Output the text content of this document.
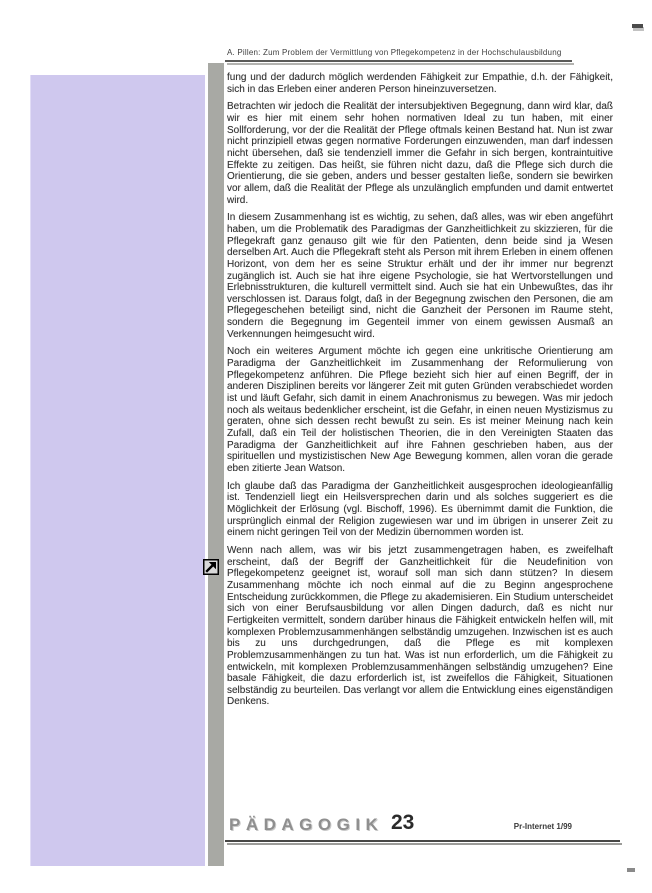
A. Pillen: Zum Problem der Vermittlung von Pflegekompetenz in der Hochschulausbildung

fung und der dadurch möglich werdenden Fähigkeit zur Empathie, d.h. der Fähigkeit, sich in das Erleben einer anderen Person hineinzuversetzen.

Betrachten wir jedoch die Realität der intersubjektiven Begegnung, dann wird klar, daß wir es hier mit einem sehr hohen normativen Ideal zu tun haben, mit einer Sollforderung, vor der die Realität der Pflege oftmals keinen Bestand hat. Nun ist zwar nicht prinzipiell etwas gegen normative Forderungen einzuwenden, man darf indessen nicht übersehen, daß sie tendenziell immer die Gefahr in sich bergen, kontraintuitive Effekte zu zeitigen. Das heißt, sie führen nicht dazu, daß die Pflege sich durch die Orientierung, die sie geben, anders und besser gestalten ließe, sondern sie bewirken vor allem, daß die Realität der Pflege als unzulänglich empfunden und damit entwertet wird.

In diesem Zusammenhang ist es wichtig, zu sehen, daß alles, was wir eben angeführt haben, um die Problematik des Paradigmas der Ganzheitlichkeit zu skizzieren, für die Pflegekraft ganz genauso gilt wie für den Patienten, denn beide sind ja Wesen derselben Art. Auch die Pflegekraft steht als Person mit ihrem Erleben in einem offenen Horizont, von dem her es seine Struktur erhält und der ihr immer nur begrenzt zugänglich ist. Auch sie hat ihre eigene Psychologie, sie hat Wertvorstellungen und Erlebnisstrukturen, die kulturell vermittelt sind. Auch sie hat ein Unbewußtes, das ihr verschlossen ist. Daraus folgt, daß in der Begegnung zwischen den Personen, die am Pflegegeschehen beteiligt sind, nicht die Ganzheit der Personen im Raume steht, sondern die Begegnung im Gegenteil immer von einem gewissen Ausmaß an Verkennungen heimgesucht wird.

Noch ein weiteres Argument möchte ich gegen eine unkritische Orientierung am Paradigma der Ganzheitlichkeit im Zusammenhang der Reformulierung von Pflegekompetenz anführen. Die Pflege bezieht sich hier auf einen Begriff, der in anderen Disziplinen bereits vor längerer Zeit mit guten Gründen verabschiedet worden ist und läuft Gefahr, sich damit in einem Anachronismus zu bewegen. Was mir jedoch noch als weitaus bedenklicher erscheint, ist die Gefahr, in einen neuen Mystizismus zu geraten, ohne sich dessen recht bewußt zu sein. Es ist meiner Meinung nach kein Zufall, daß ein Teil der holistischen Theorien, die in den Vereinigten Staaten das Paradigma der Ganzheitlichkeit auf ihre Fahnen geschrieben haben, aus der spirituellen und mystizistischen New Age Bewegung kommen, allen voran die gerade eben zitierte Jean Watson.

Ich glaube daß das Paradigma der Ganzheitlichkeit ausgesprochen ideologieanfällig ist. Tendenziell liegt ein Heilsversprechen darin und als solches suggeriert es die Möglichkeit der Erlösung (vgl. Bischoff, 1996). Es übernimmt damit die Funktion, die ursprünglich einmal der Religion zugewiesen war und im übrigen in unserer Zeit zu einem nicht geringen Teil von der Medizin übernommen worden ist.

Wenn nach allem, was wir bis jetzt zusammengetragen haben, es zweifelhaft erscheint, daß der Begriff der Ganzheitlichkeit für die Neudefinition von Pflegekompetenz geeignet ist, worauf soll man sich dann stützen? In diesem Zusammenhang möchte ich noch einmal auf die zu Beginn angesprochene Entscheidung zurückkommen, die Pflege zu akademisieren. Ein Studium unterscheidet sich von einer Berufsausbildung vor allen Dingen dadurch, daß es nicht nur Fertigkeiten vermittelt, sondern darüber hinaus die Fähigkeit entwickeln helfen will, mit komplexen Problemzusammenhängen selbständig umzugehen. Inzwischen ist es auch bis zu uns durchgedrungen, daß die Pflege es mit komplexen Problemzusammenhängen zu tun hat. Was ist nun erforderlich, um die Fähigkeit zu entwickeln, mit komplexen Problemzusammenhängen selbständig umzugehen? Eine basale Fähigkeit, die dazu erforderlich ist, ist zweifellos die Fähigkeit, Situationen selbständig zu beurteilen. Das verlangt vor allem die Entwicklung eines eigenständigen Denkens.

PÄDAGOGIK 23	Pr-Internet 1/99
